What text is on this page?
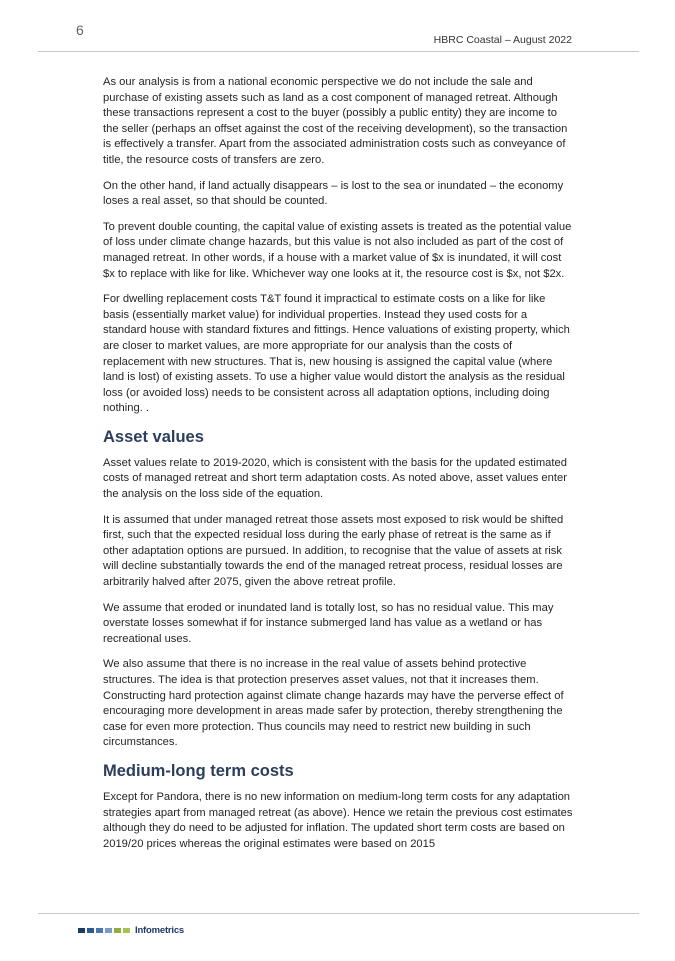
6
HBRC Coastal – August 2022

As our analysis is from a national economic perspective we do not include the sale and purchase of existing assets such as land as a cost component of managed retreat. Although these transactions represent a cost to the buyer (possibly a public entity) they are income to the seller (perhaps an offset against the cost of the receiving development), so the transaction is effectively a transfer. Apart from the associated administration costs such as conveyance of title, the resource costs of transfers are zero.

On the other hand, if land actually disappears – is lost to the sea or inundated – the economy loses a real asset, so that should be counted.

To prevent double counting, the capital value of existing assets is treated as the potential value of loss under climate change hazards, but this value is not also included as part of the cost of managed retreat. In other words, if a house with a market value of $x is inundated, it will cost $x to replace with like for like. Whichever way one looks at it, the resource cost is $x, not $2x.

For dwelling replacement costs T&T found it impractical to estimate costs on a like for like basis (essentially market value) for individual properties. Instead they used costs for a standard house with standard fixtures and fittings. Hence valuations of existing property, which are closer to market values, are more appropriate for our analysis than the costs of replacement with new structures. That is, new housing is assigned the capital value (where land is lost) of existing assets. To use a higher value would distort the analysis as the residual loss (or avoided loss) needs to be consistent across all adaptation options, including doing nothing. .

Asset values

Asset values relate to 2019-2020, which is consistent with the basis for the updated estimated costs of managed retreat and short term adaptation costs. As noted above, asset values enter the analysis on the loss side of the equation.

It is assumed that under managed retreat those assets most exposed to risk would be shifted first, such that the expected residual loss during the early phase of retreat is the same as if other adaptation options are pursued. In addition, to recognise that the value of assets at risk will decline substantially towards the end of the managed retreat process, residual losses are arbitrarily halved after 2075, given the above retreat profile.

We assume that eroded or inundated land is totally lost, so has no residual value. This may overstate losses somewhat if for instance submerged land has value as a wetland or has recreational uses.

We also assume that there is no increase in the real value of assets behind protective structures. The idea is that protection preserves asset values, not that it increases them. Constructing hard protection against climate change hazards may have the perverse effect of encouraging more development in areas made safer by protection, thereby strengthening the case for even more protection. Thus councils may need to restrict new building in such circumstances.

Medium-long term costs

Except for Pandora, there is no new information on medium-long term costs for any adaptation strategies apart from managed retreat (as above). Hence we retain the previous cost estimates although they do need to be adjusted for inflation. The updated short term costs are based on 2019/20 prices whereas the original estimates were based on 2015

Infometrics
